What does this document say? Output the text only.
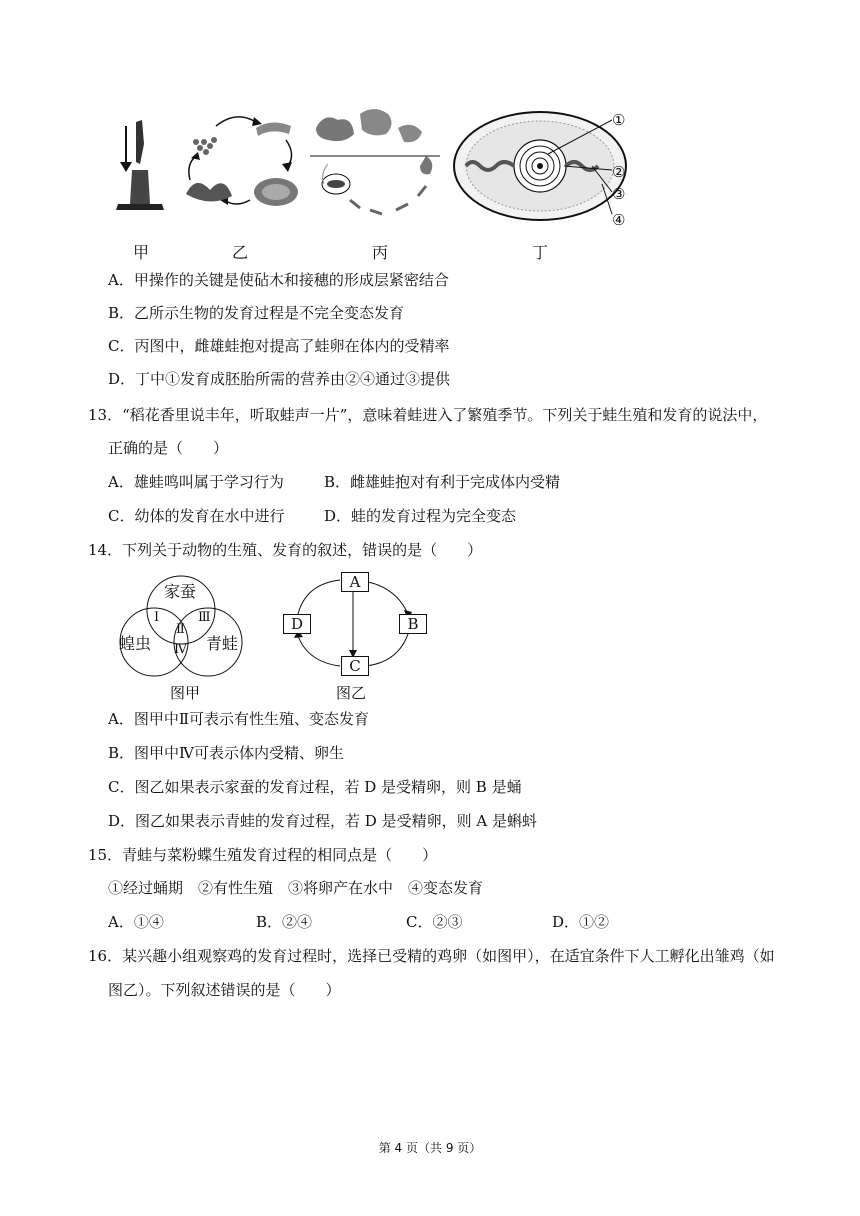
①
②
③
④
甲	乙	丙	丁
A．甲操作的关键是使砧木和接穗的形成层紧密结合
B．乙所示生物的发育过程是不完全变态发育
C．丙图中，雌雄蛙抱对提高了蛙卵在体内的受精率
D．丁中①发育成胚胎所需的营养由②④通过③提供
13．“稻花香里说丰年，听取蛙声一片”，意味着蛙进入了繁殖季节。下列关于蛙生殖和发育的说法中，
正确的是（　　）
A．雄蛙鸣叫属于学习行为	B．雌雄蛙抱对有利于完成体内受精
C．幼体的发育在水中进行	D．蛙的发育过程为完全变态
14．下列关于动物的生殖、发育的叙述，错误的是（　　）
家蚕
蝗虫	青蛙
Ⅰ
Ⅱ
Ⅲ
Ⅳ
图甲
A
B
C
D
图乙
A．图甲中Ⅱ可表示有性生殖、变态发育
B．图甲中Ⅳ可表示体内受精、卵生
C．图乙如果表示家蚕的发育过程，若 D 是受精卵，则 B 是蛹
D．图乙如果表示青蛙的发育过程，若 D 是受精卵，则 A 是蝌蚪
15．青蛙与菜粉蝶生殖发育过程的相同点是（　　）
①经过蛹期　②有性生殖　③将卵产在水中　④变态发育
A．①④	B．②④	C．②③	D．①②
16．某兴趣小组观察鸡的发育过程时，选择已受精的鸡卵（如图甲），在适宜条件下人工孵化出雏鸡（如
图乙）。下列叙述错误的是（　　）
第 4 页（共 9 页）
